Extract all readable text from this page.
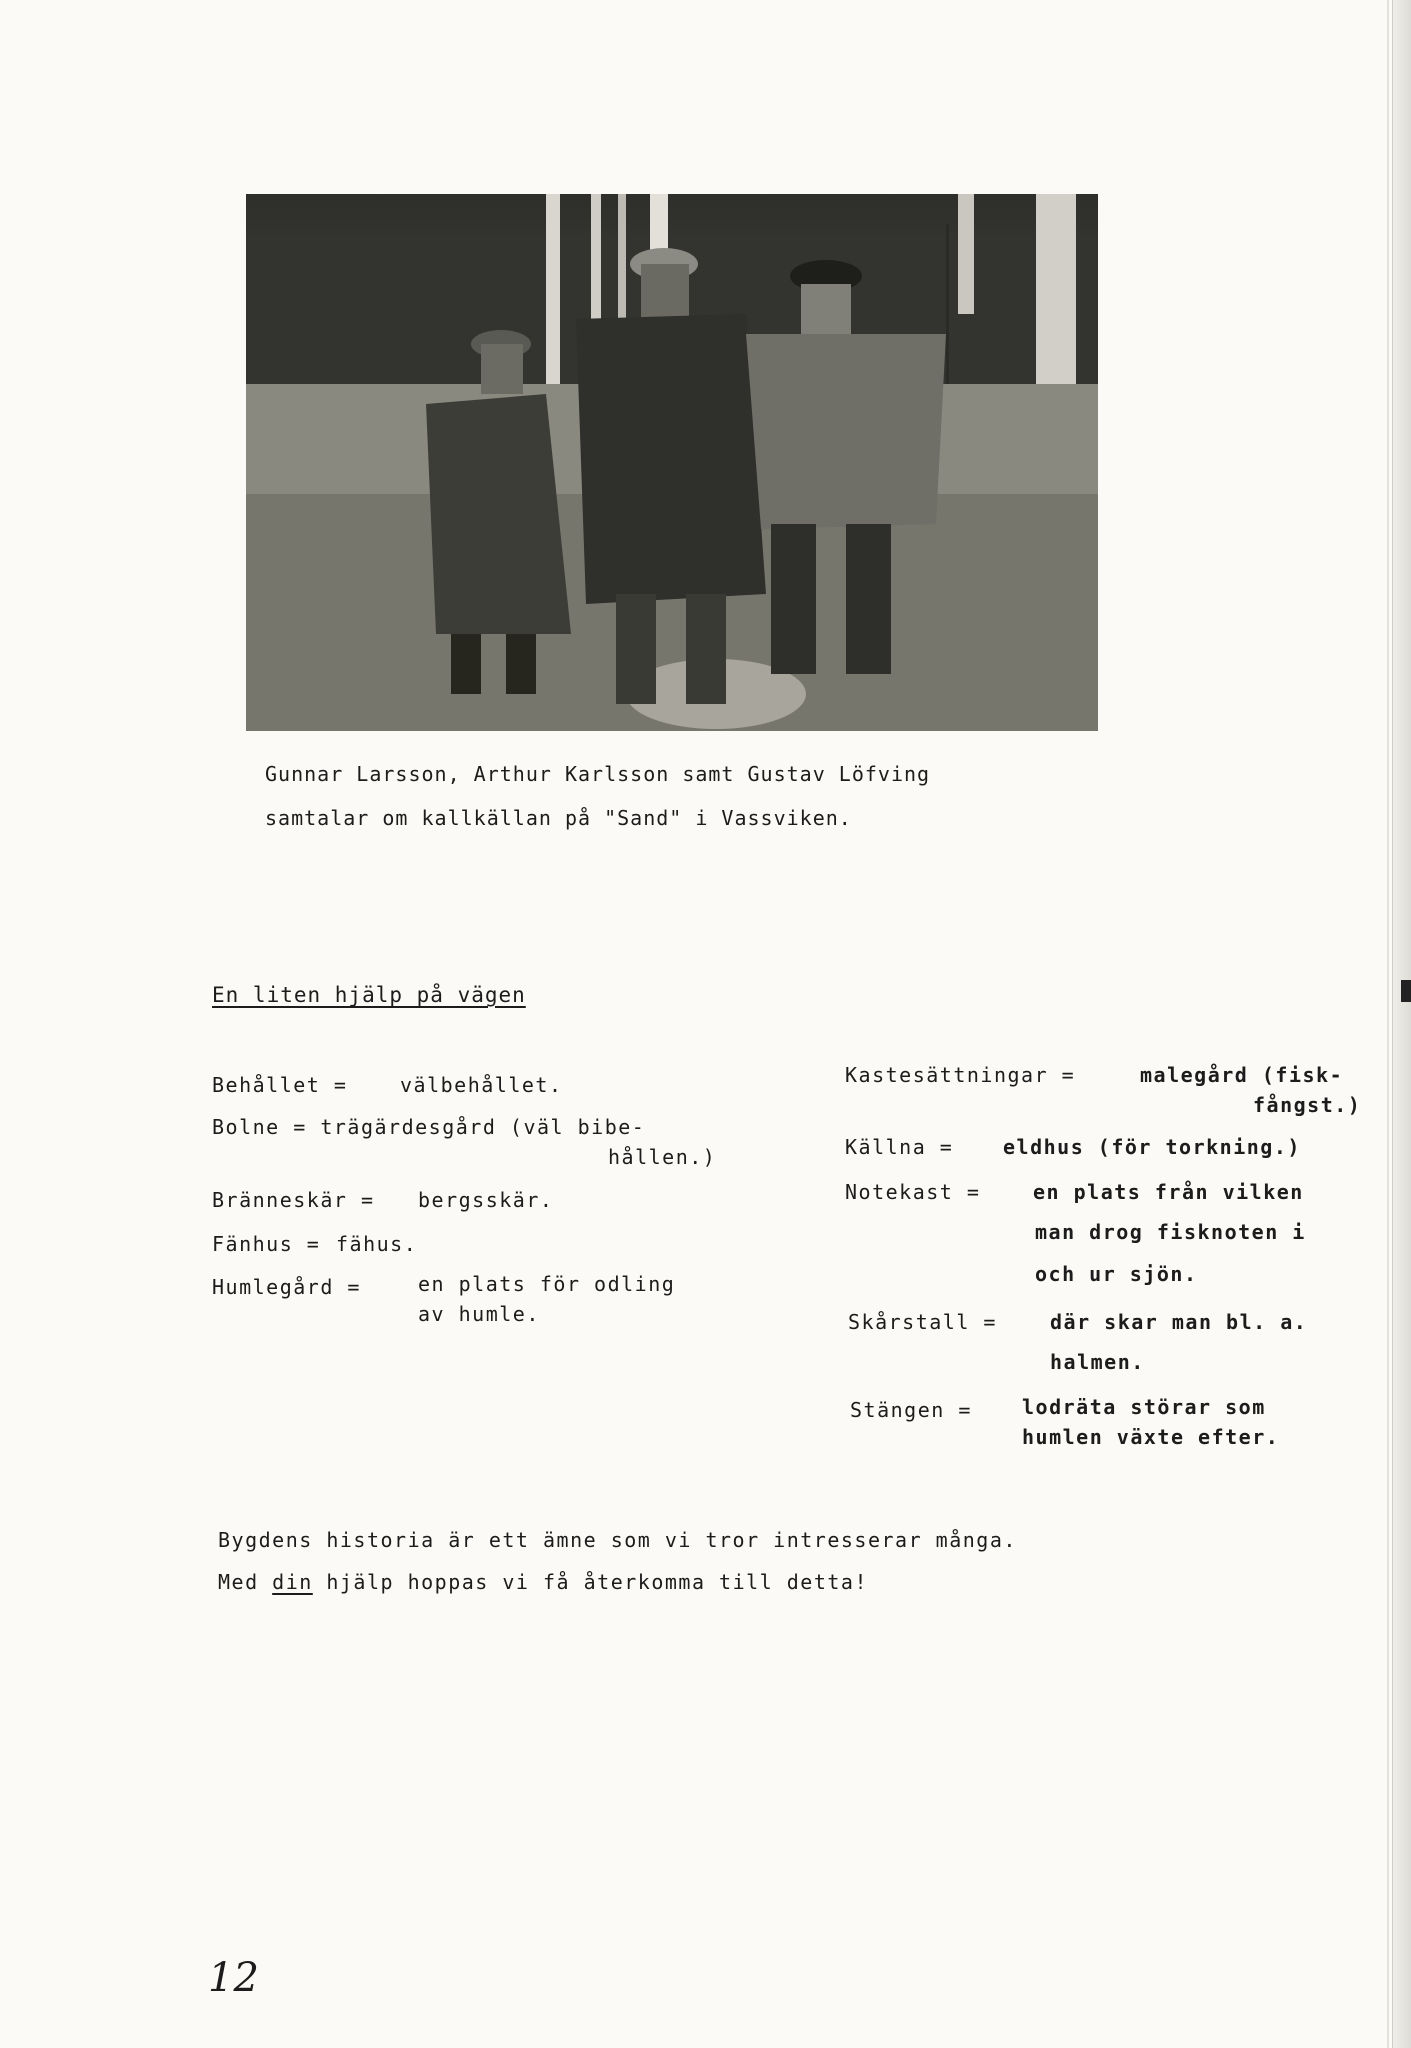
Gunnar Larsson, Arthur Karlsson samt Gustav Löfving
samtalar om kallkällan på "Sand" i Vassviken.
En liten hjälp på vägen
Behållet =	välbehållet.
Bolne = trägärdesgård (väl bibe-
hållen.)
Bränneskär = bergsskär.
Fänhus = fähus.
Humlegård =	en plats för odling
av humle.
Kastesättningar =	malegård (fisk-
fångst.)
Källna = eldhus (för torkning.)
Notekast =	en plats från vilken
man drog fisknoten i
och ur sjön.
Skårstall =	där skar man bl. a.
halmen.
Stängen =	lodräta störar som
humlen växte efter.
Bygdens historia är ett ämne som vi tror intresserar många.
Med din hjälp hoppas vi få återkomma till detta!
12
